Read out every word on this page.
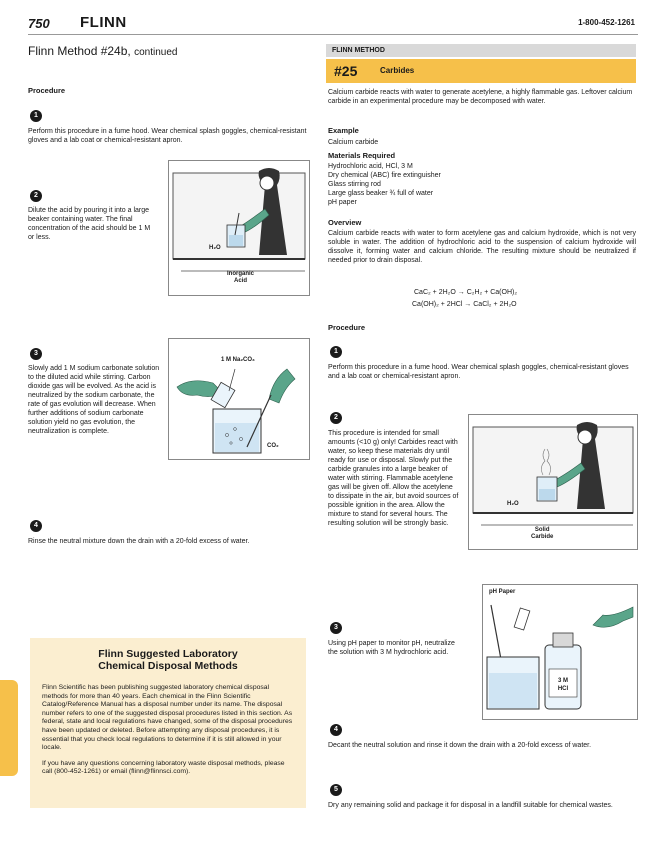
750 FLINN	1-800-452-1261
Flinn Method #24b, continued
Procedure
1
Perform this procedure in a fume hood. Wear chemical splash goggles, chemical-resistant gloves and a lab coat or chemical-resistant apron.
2
Dilute the acid by pouring it into a large beaker containing water. The final concentration of the acid should be 1 M or less.
H₂O
Inorganic
Acid
3
Slowly add 1 M sodium carbonate solution to the diluted acid while stirring. Carbon dioxide gas will be evolved. As the acid is neutralized by the sodium carbonate, the rate of gas evolution will decrease. When further additions of sodium carbonate solution yield no gas evolution, the neutralization is complete.
1 M Na₂CO₃
CO₂
4
Rinse the neutral mixture down the drain with a 20-fold excess of water.
Flinn Suggested Laboratory
Chemical Disposal Methods
Flinn Scientific has been publishing suggested laboratory chemical disposal methods for more than 40 years. Each chemical in the Flinn Scientific Catalog/Reference Manual has a disposal number under its name. The disposal number refers to one of the suggested disposal procedures listed in this section. As federal, state and local regulations have changed, some of the disposal procedures have been updated or deleted. Before attempting any disposal procedures, it is essential that you check local regulations to determine if it is still allowed in your locale.
If you have any questions concerning laboratory waste disposal methods, please call (800-452-1261) or email (flinn@flinnsci.com).
FLINN METHOD
#25	Carbides
Calcium carbide reacts with water to generate acetylene, a highly flammable gas. Leftover calcium carbide in an experimental procedure may be decomposed with water.
Example
Calcium carbide
Materials Required
Hydrochloric acid, HCl, 3 M
Dry chemical (ABC) fire extinguisher
Glass stirring rod
Large glass beaker ¾ full of water
pH paper
Overview
Calcium carbide reacts with water to form acetylene gas and calcium hydroxide, which is not very soluble in water. The addition of hydrochloric acid to the suspension of calcium hydroxide will dissolve it, forming water and calcium chloride. The resulting mixture should be neutralized if needed prior to drain disposal.
CaC₂ + 2H₂O → C₂H₂ + Ca(OH)₂
Ca(OH)₂ + 2HCl → CaCl₂ + 2H₂O
Procedure
1
Perform this procedure in a fume hood. Wear chemical splash goggles, chemical-resistant gloves and a lab coat or chemical-resistant apron.
2
This procedure is intended for small amounts (<10 g) only! Carbides react with water, so keep these materials dry until ready for use or disposal. Slowly put the carbide granules into a large beaker of water with stirring. Flammable acetylene gas will be given off. Allow the acetylene to dissipate in the air, but avoid sources of possible ignition in the area. Allow the mixture to stand for several hours. The resulting solution will be strongly basic.
H₂O
Solid
Carbide
3
Using pH paper to monitor pH, neutralize the solution with 3 M hydrochloric acid.
pH Paper
3 M
HCl
4
Decant the neutral solution and rinse it down the drain with a 20-fold excess of water.
5
Dry any remaining solid and package it for disposal in a landfill suitable for chemical wastes.
